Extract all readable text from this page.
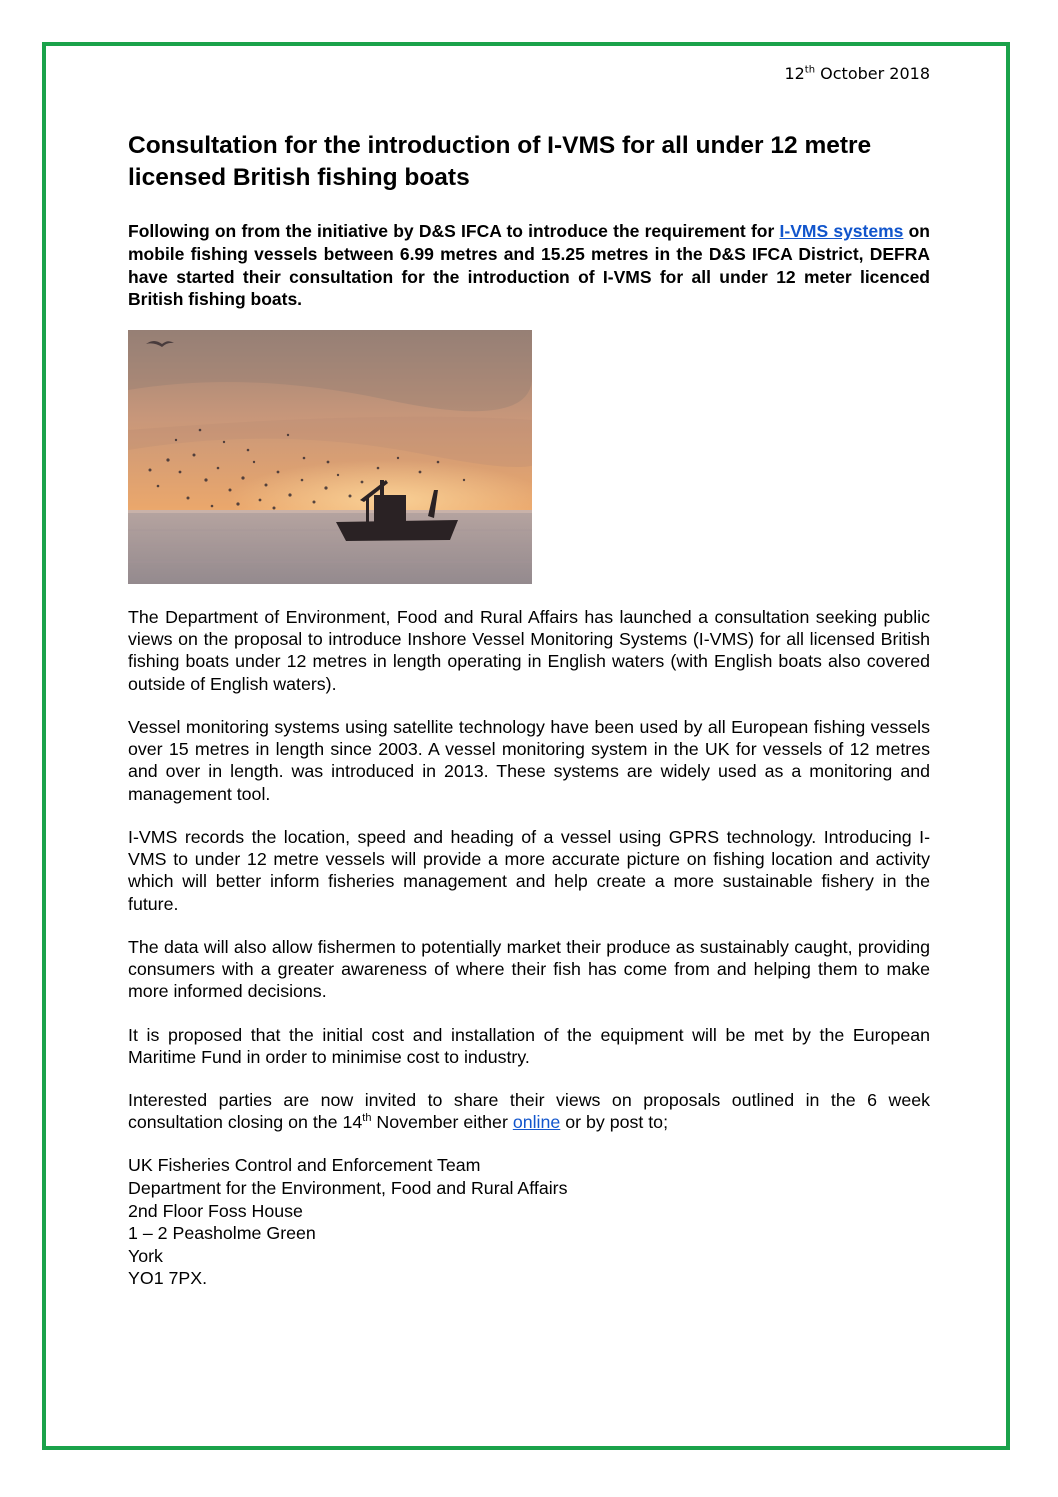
12th October 2018
Consultation for the introduction of I-VMS for all under 12 metre licensed British fishing boats

Following on from the initiative by D&S IFCA to introduce the requirement for I-VMS systems on mobile fishing vessels between 6.99 metres and 15.25 metres in the D&S IFCA District, DEFRA have started their consultation for the introduction of I-VMS for all under 12 meter licenced British fishing boats.

The Department of Environment, Food and Rural Affairs has launched a consultation seeking public views on the proposal to introduce Inshore Vessel Monitoring Systems (I-VMS) for all licensed British fishing boats under 12 metres in length operating in English waters (with English boats also covered outside of English waters).

Vessel monitoring systems using satellite technology have been used by all European fishing vessels over 15 metres in length since 2003. A vessel monitoring system in the UK for vessels of 12 metres and over in length. was introduced in 2013. These systems are widely used as a monitoring and management tool.

I-VMS records the location, speed and heading of a vessel using GPRS technology. Introducing I-VMS to under 12 metre vessels will provide a more accurate picture on fishing location and activity which will better inform fisheries management and help create a more sustainable fishery in the future.

The data will also allow fishermen to potentially market their produce as sustainably caught, providing consumers with a greater awareness of where their fish has come from and helping them to make more informed decisions.

It is proposed that the initial cost and installation of the equipment will be met by the European Maritime Fund in order to minimise cost to industry.

Interested parties are now invited to share their views on proposals outlined in the 6 week consultation closing on the 14th November either online or by post to;

UK Fisheries Control and Enforcement Team
Department for the Environment, Food and Rural Affairs
2nd Floor Foss House
1 – 2 Peasholme Green
York
YO1 7PX.
